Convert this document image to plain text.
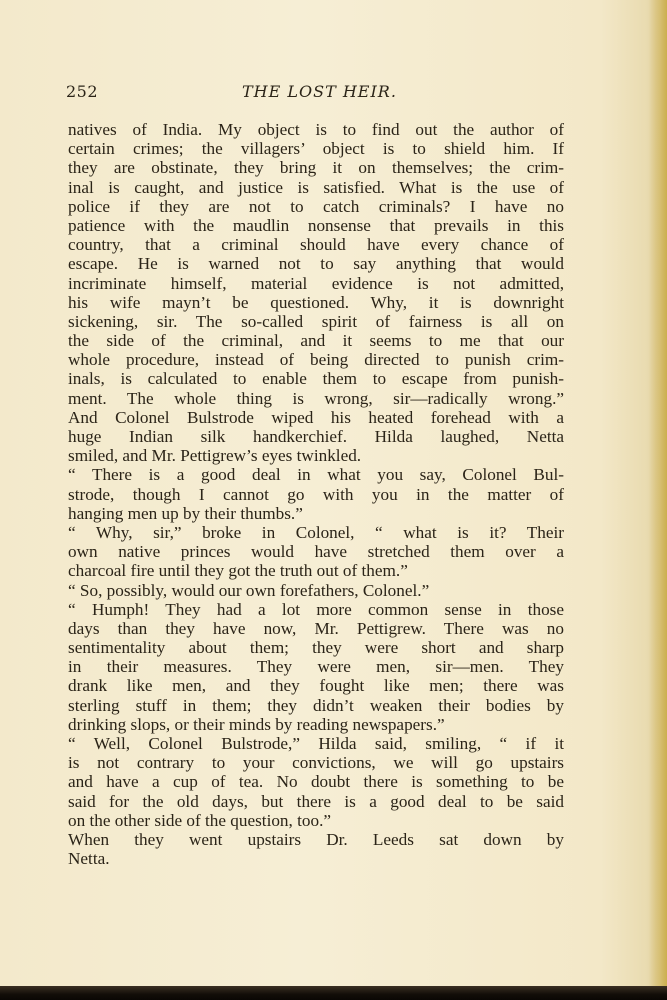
252	THE LOST HEIR.
natives of India. My object is to find out the author of
certain crimes; the villagers’ object is to shield him. If
they are obstinate, they bring it on themselves; the crim-
inal is caught, and justice is satisfied. What is the use of
police if they are not to catch criminals? I have no
patience with the maudlin nonsense that prevails in this
country, that a criminal should have every chance of
escape. He is warned not to say anything that would
incriminate himself, material evidence is not admitted,
his wife mayn’t be questioned. Why, it is downright
sickening, sir. The so-called spirit of fairness is all on
the side of the criminal, and it seems to me that our
whole procedure, instead of being directed to punish crim-
inals, is calculated to enable them to escape from punish-
ment. The whole thing is wrong, sir—radically wrong.”
And Colonel Bulstrode wiped his heated forehead with a
huge Indian silk handkerchief. Hilda laughed, Netta
smiled, and Mr. Pettigrew’s eyes twinkled.
“ There is a good deal in what you say, Colonel Bul-
strode, though I cannot go with you in the matter of
hanging men up by their thumbs.”
“ Why, sir,” broke in Colonel, “ what is it? Their
own native princes would have stretched them over a
charcoal fire until they got the truth out of them.”
“ So, possibly, would our own forefathers, Colonel.”
“ Humph! They had a lot more common sense in those
days than they have now, Mr. Pettigrew. There was no
sentimentality about them; they were short and sharp
in their measures. They were men, sir—men. They
drank like men, and they fought like men; there was
sterling stuff in them; they didn’t weaken their bodies by
drinking slops, or their minds by reading newspapers.”
“ Well, Colonel Bulstrode,” Hilda said, smiling, “ if it
is not contrary to your convictions, we will go upstairs
and have a cup of tea. No doubt there is something to be
said for the old days, but there is a good deal to be said
on the other side of the question, too.”
When they went upstairs Dr. Leeds sat down by
Netta.
